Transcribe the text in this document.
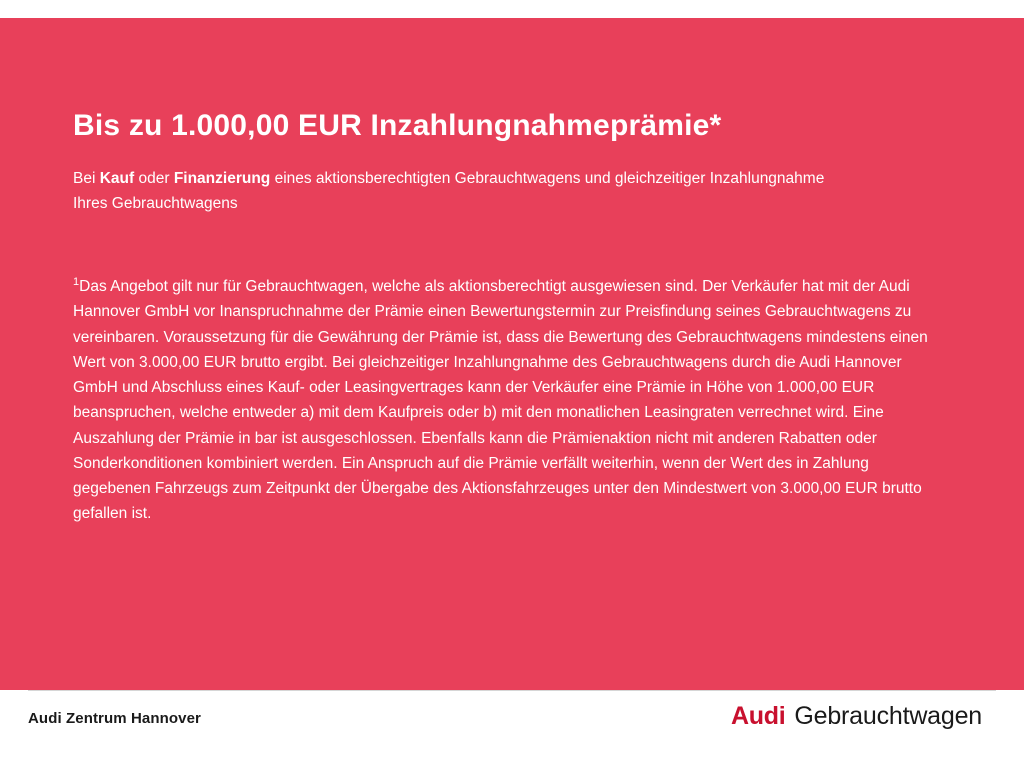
Bis zu 1.000,00 EUR Inzahlungnahmeprämie*

Bei Kauf oder Finanzierung eines aktionsberechtigten Gebrauchtwagens und gleichzeitiger Inzahlungnahme Ihres Gebrauchtwagens

$^1$Das Angebot gilt nur für Gebrauchtwagen, welche als aktionsberechtigt ausgewiesen sind. Der Verkäufer hat mit der Audi Hannover GmbH vor Inanspruchnahme der Prämie einen Bewertungstermin zur Preisfindung seines Gebrauchtwagens zu vereinbaren. Voraussetzung für die Gewährung der Prämie ist, dass die Bewertung des Gebrauchtwagens mindestens einen Wert von 3.000,00 EUR brutto ergibt. Bei gleichzeitiger Inzahlungnahme des Gebrauchtwagens durch die Audi Hannover GmbH und Abschluss eines Kauf- oder Leasingvertrages kann der Verkäufer eine Prämie in Höhe von 1.000,00 EUR beanspruchen, welche entweder a) mit dem Kaufpreis oder b) mit den monatlichen Leasingraten verrechnet wird. Eine Auszahlung der Prämie in bar ist ausgeschlossen. Ebenfalls kann die Prämienaktion nicht mit anderen Rabatten oder Sonderkonditionen kombiniert werden. Ein Anspruch auf die Prämie verfällt weiterhin, wenn der Wert des in Zahlung gegebenen Fahrzeugs zum Zeitpunkt der Übergabe des Aktionsfahrzeuges unter den Mindestwert von 3.000,00 EUR brutto gefallen ist.

Audi Zentrum Hannover	Audi Gebrauchtwagen
